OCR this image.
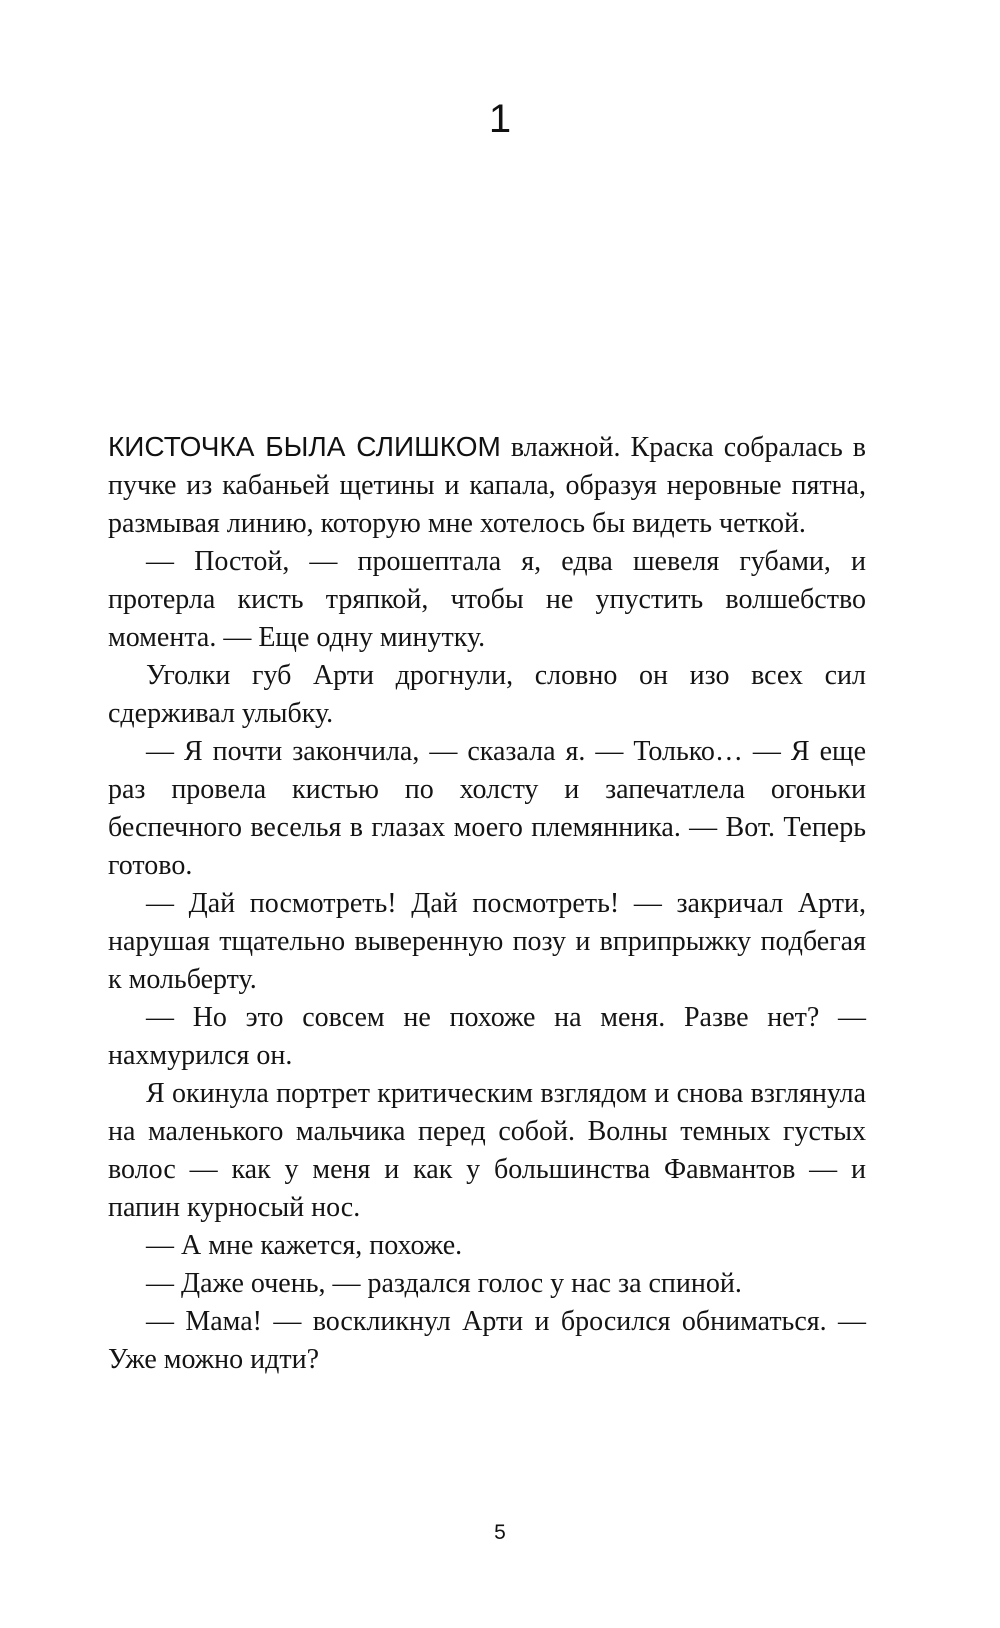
1

КИСТОЧКА БЫЛА СЛИШКОМ влажной. Краска собралась в пучке из кабаньей щетины и капала, образуя неровные пятна, размывая линию, которую мне хотелось бы видеть четкой.

— Постой, — прошептала я, едва шевеля губами, и протерла кисть тряпкой, чтобы не упустить волшебство момента. — Еще одну минутку.

Уголки губ Арти дрогнули, словно он изо всех сил сдерживал улыбку.

— Я почти закончила, — сказала я. — Только… — Я еще раз провела кистью по холсту и запечатлела огоньки беспечного веселья в глазах моего племянника. — Вот. Теперь готово.

— Дай посмотреть! Дай посмотреть! — закричал Арти, нарушая тщательно выверенную позу и вприпрыжку подбегая к мольберту.

— Но это совсем не похоже на меня. Разве нет? — нахмурился он.

Я окинула портрет критическим взглядом и снова взглянула на маленького мальчика перед собой. Волны темных густых волос — как у меня и как у большинства Фавмантов — и папин курносый нос.

— А мне кажется, похоже.

— Даже очень, — раздался голос у нас за спиной.

— Мама! — воскликнул Арти и бросился обниматься. — Уже можно идти?

5
